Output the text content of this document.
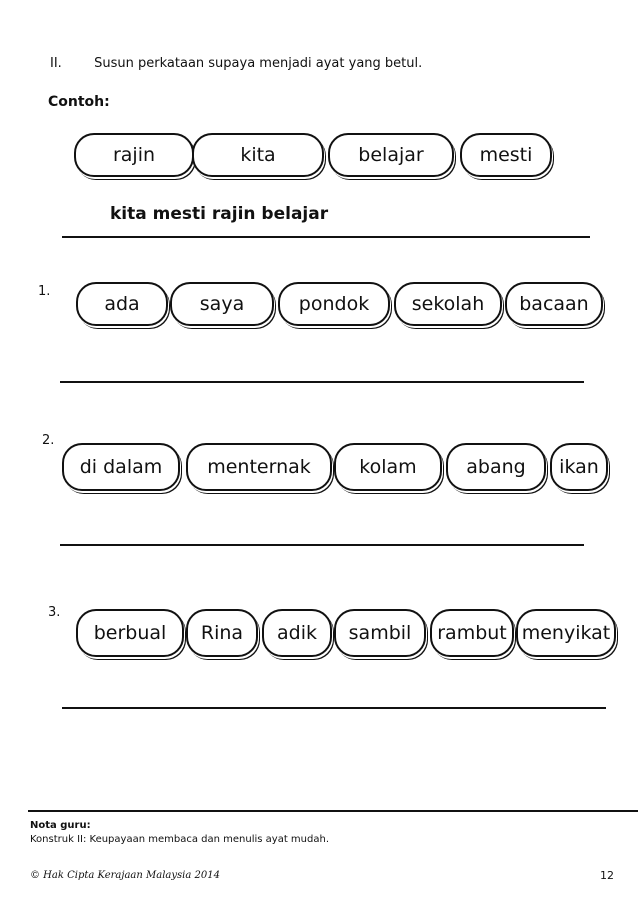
II. Susun perkataan supaya menjadi ayat yang betul.
Contoh:
rajin	kita	belajar	mesti
kita mesti rajin belajar
1.
ada	saya	pondok	sekolah	bacaan
2.
di dalam	menternak	kolam	abang	ikan
3.
berbual	Rina	adik	sambil	rambut menyikat
Nota guru:
Konstruk II: Keupayaan membaca dan menulis ayat mudah.
© Hak Cipta Kerajaan Malaysia 2014	12
